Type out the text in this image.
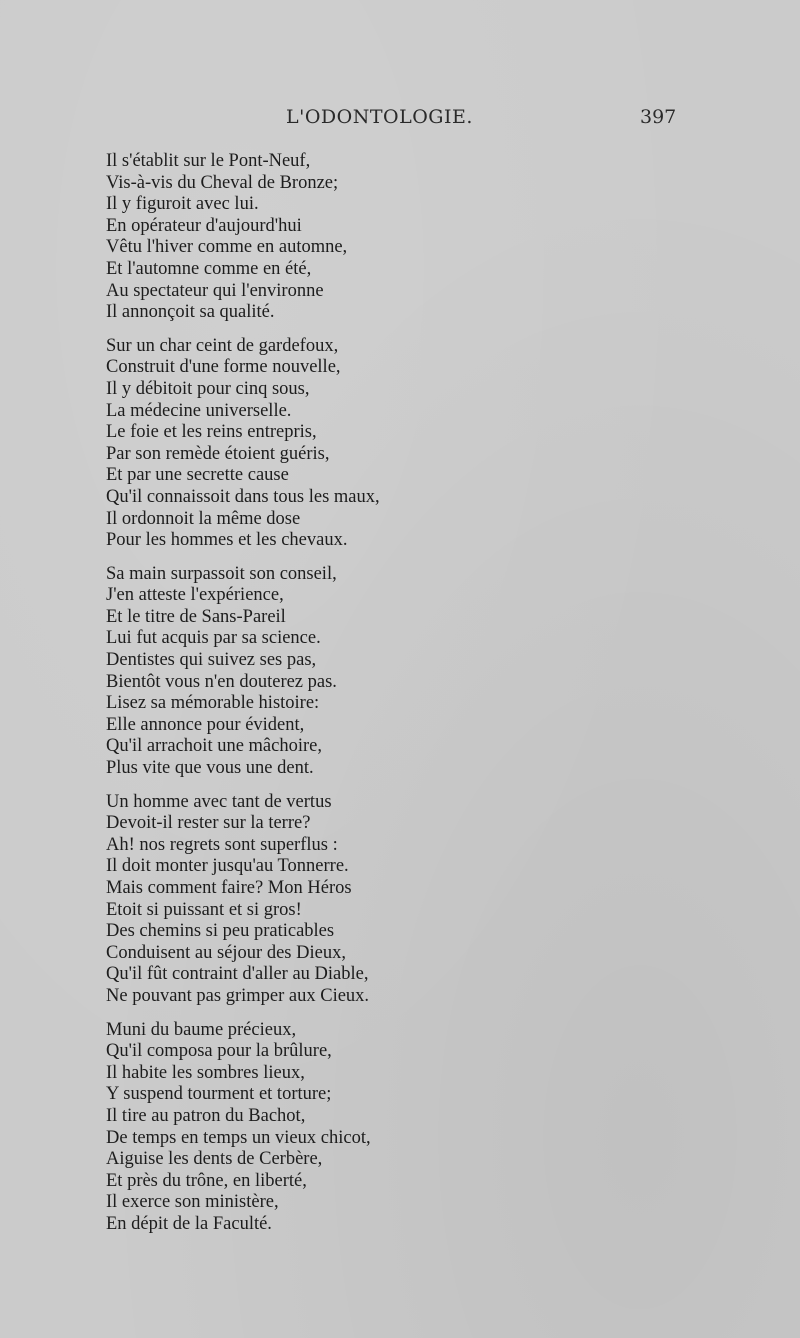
L'ODONTOLOGIE.	397
Il s'établit sur le Pont-Neuf,
Vis-à-vis du Cheval de Bronze;
Il y figuroit avec lui.
En opérateur d'aujourd'hui
Vêtu l'hiver comme en automne,
Et l'automne comme en été,
Au spectateur qui l'environne
Il annonçoit sa qualité.
Sur un char ceint de gardefoux,
Construit d'une forme nouvelle,
Il y débitoit pour cinq sous,
La médecine universelle.
Le foie et les reins entrepris,
Par son remède étoient guéris,
Et par une secrette cause
Qu'il connaissoit dans tous les maux,
Il ordonnoit la même dose
Pour les hommes et les chevaux.
Sa main surpassoit son conseil,
J'en atteste l'expérience,
Et le titre de Sans-Pareil
Lui fut acquis par sa science.
Dentistes qui suivez ses pas,
Bientôt vous n'en douterez pas.
Lisez sa mémorable histoire:
Elle annonce pour évident,
Qu'il arrachoit une mâchoire,
Plus vite que vous une dent.
Un homme avec tant de vertus
Devoit-il rester sur la terre?
Ah! nos regrets sont superflus :
Il doit monter jusqu'au Tonnerre.
Mais comment faire? Mon Héros
Etoit si puissant et si gros!
Des chemins si peu praticables
Conduisent au séjour des Dieux,
Qu'il fût contraint d'aller au Diable,
Ne pouvant pas grimper aux Cieux.
Muni du baume précieux,
Qu'il composa pour la brûlure,
Il habite les sombres lieux,
Y suspend tourment et torture;
Il tire au patron du Bachot,
De temps en temps un vieux chicot,
Aiguise les dents de Cerbère,
Et près du trône, en liberté,
Il exerce son ministère,
En dépit de la Faculté.
